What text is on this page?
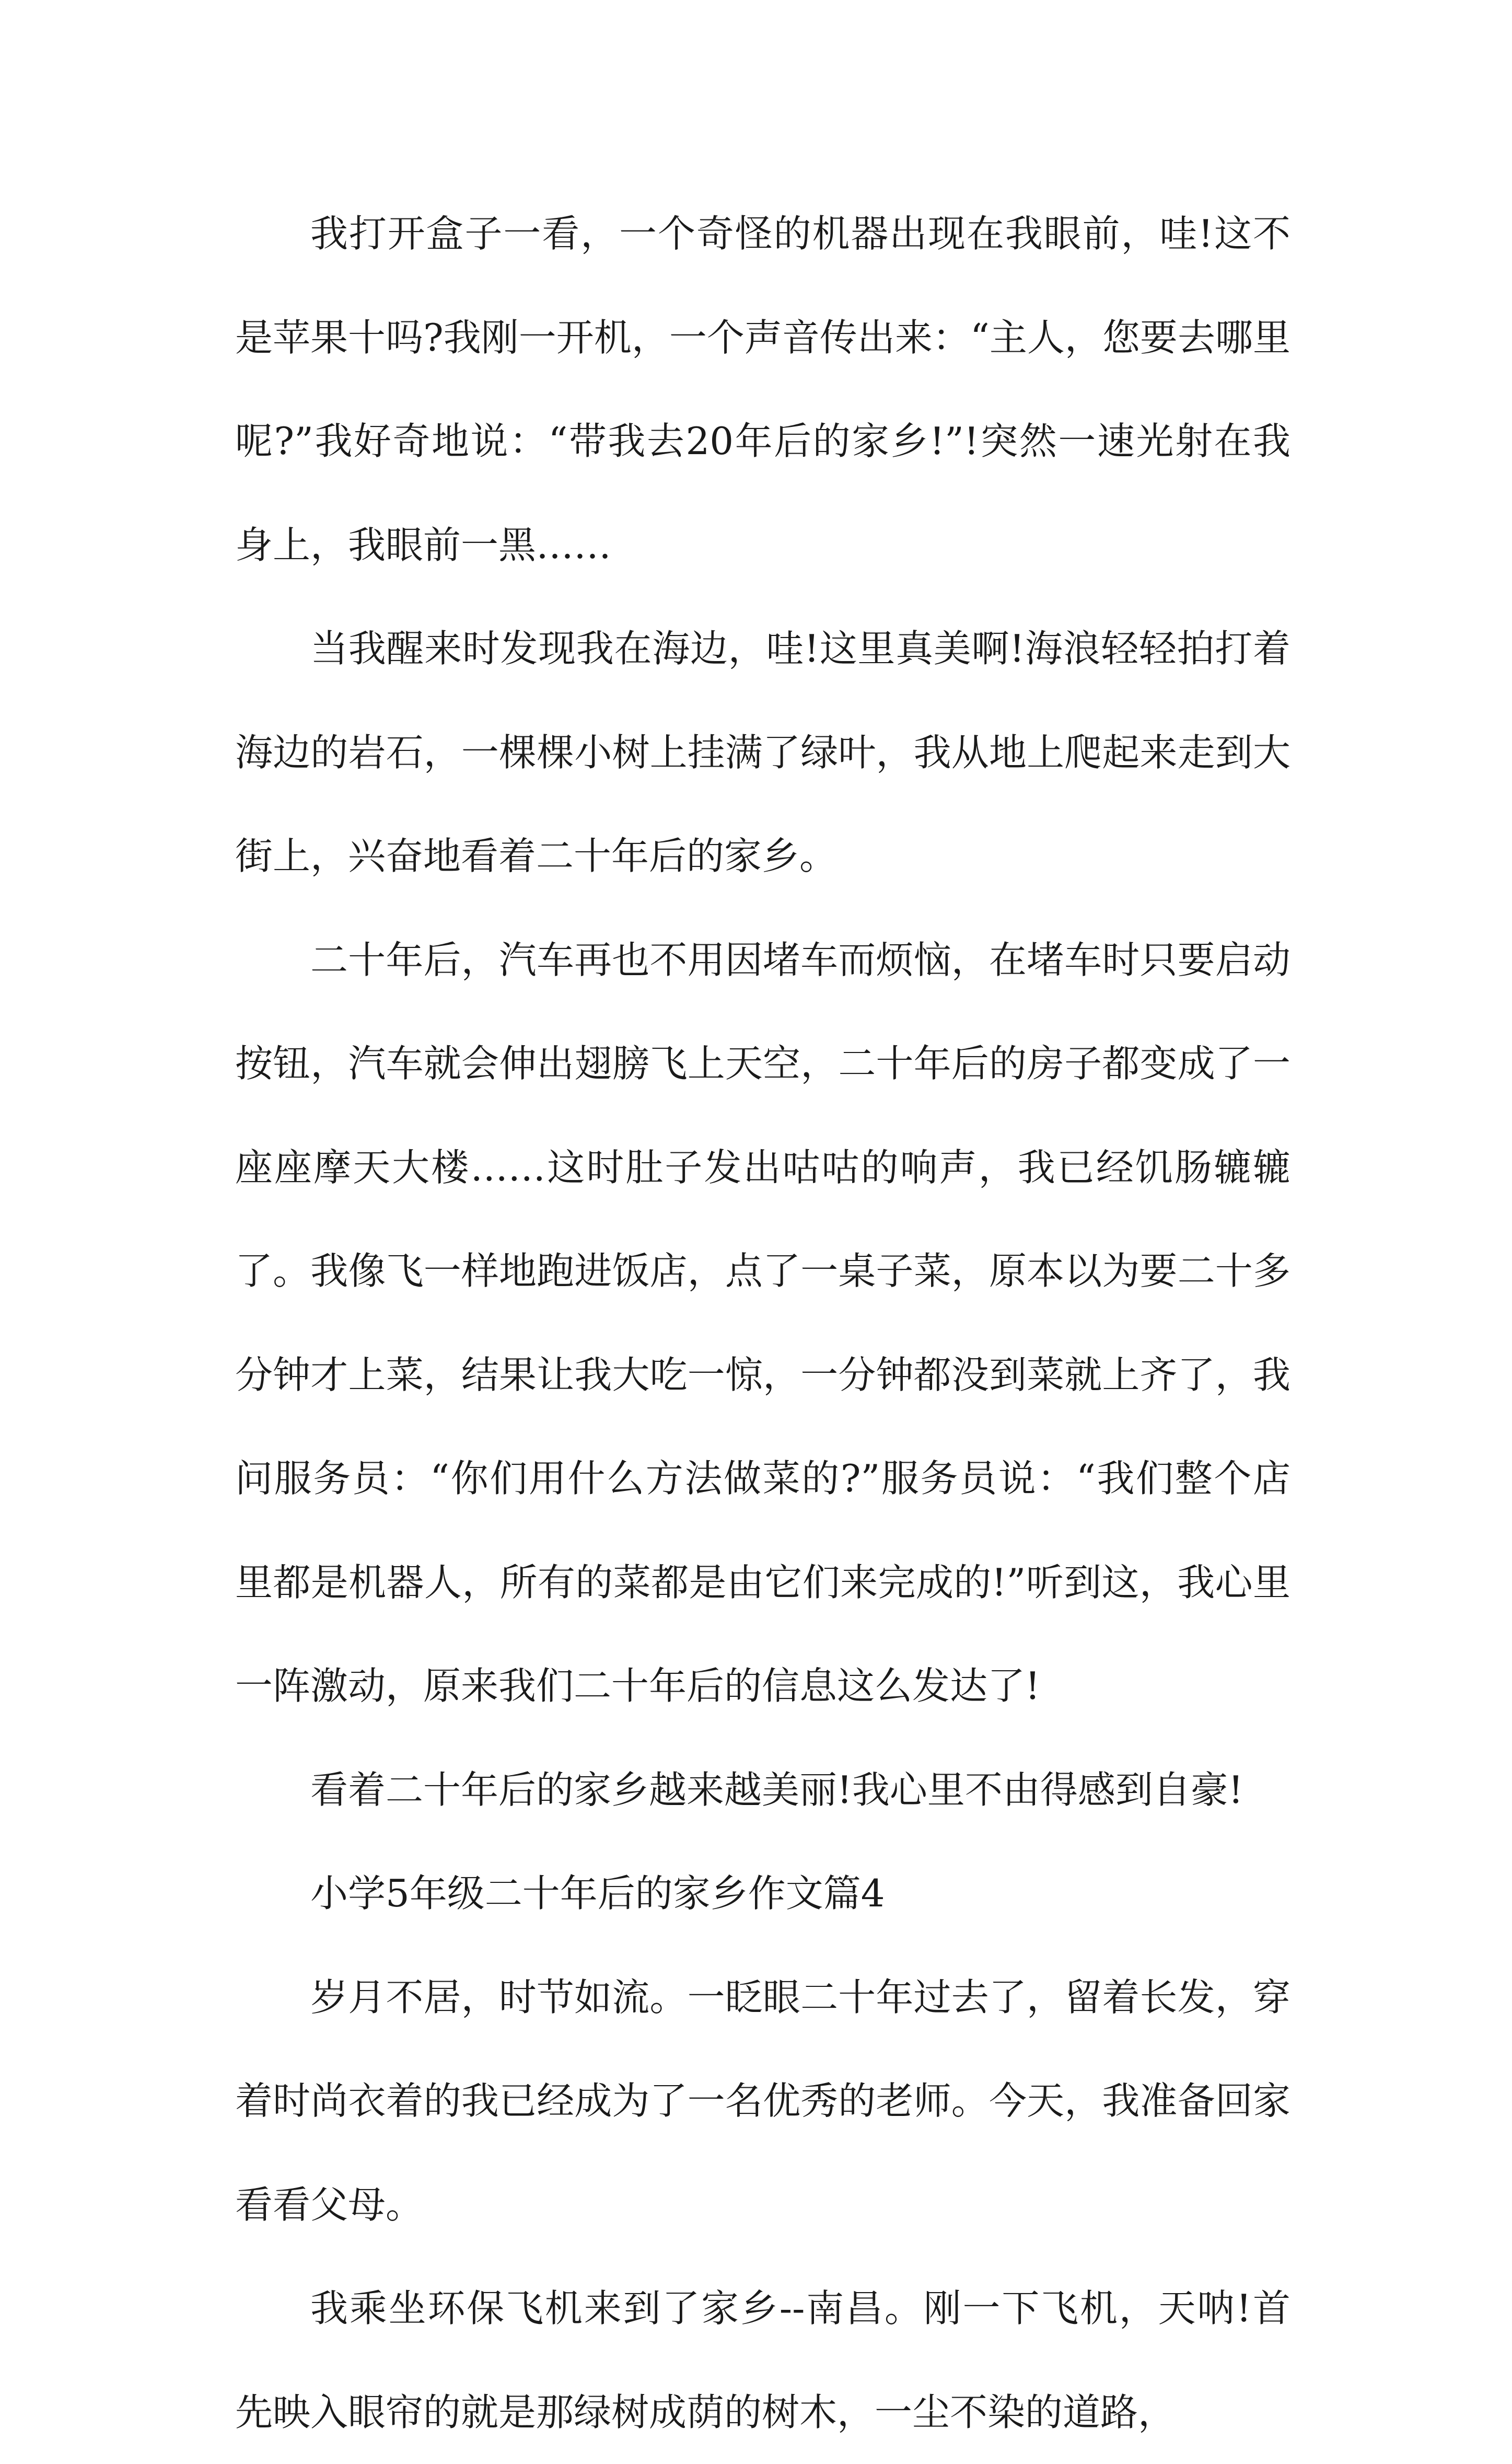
我打开盒子一看，一个奇怪的机器出现在我眼前，哇!这不是苹果十吗?我刚一开机，一个声音传出来：“主人，您要去哪里呢?”我好奇地说：“带我去20年后的家乡!”!突然一速光射在我身上，我眼前一黑……

当我醒来时发现我在海边，哇!这里真美啊!海浪轻轻拍打着海边的岩石，一棵棵小树上挂满了绿叶，我从地上爬起来走到大街上，兴奋地看着二十年后的家乡。

二十年后，汽车再也不用因堵车而烦恼，在堵车时只要启动按钮，汽车就会伸出翅膀飞上天空，二十年后的房子都变成了一座座摩天大楼……这时肚子发出咕咕的响声，我已经饥肠辘辘了。我像飞一样地跑进饭店，点了一桌子菜，原本以为要二十多分钟才上菜，结果让我大吃一惊，一分钟都没到菜就上齐了，我问服务员：“你们用什么方法做菜的?”服务员说：“我们整个店里都是机器人，所有的菜都是由它们来完成的!”听到这，我心里一阵激动，原来我们二十年后的信息这么发达了!

看着二十年后的家乡越来越美丽!我心里不由得感到自豪!

小学5年级二十年后的家乡作文篇4

岁月不居，时节如流。一眨眼二十年过去了，留着长发，穿着时尚衣着的我已经成为了一名优秀的老师。今天，我准备回家看看父母。

我乘坐环保飞机来到了家乡--南昌。刚一下飞机，天呐!首先映入眼帘的就是那绿树成荫的树木，一尘不染的道路，
